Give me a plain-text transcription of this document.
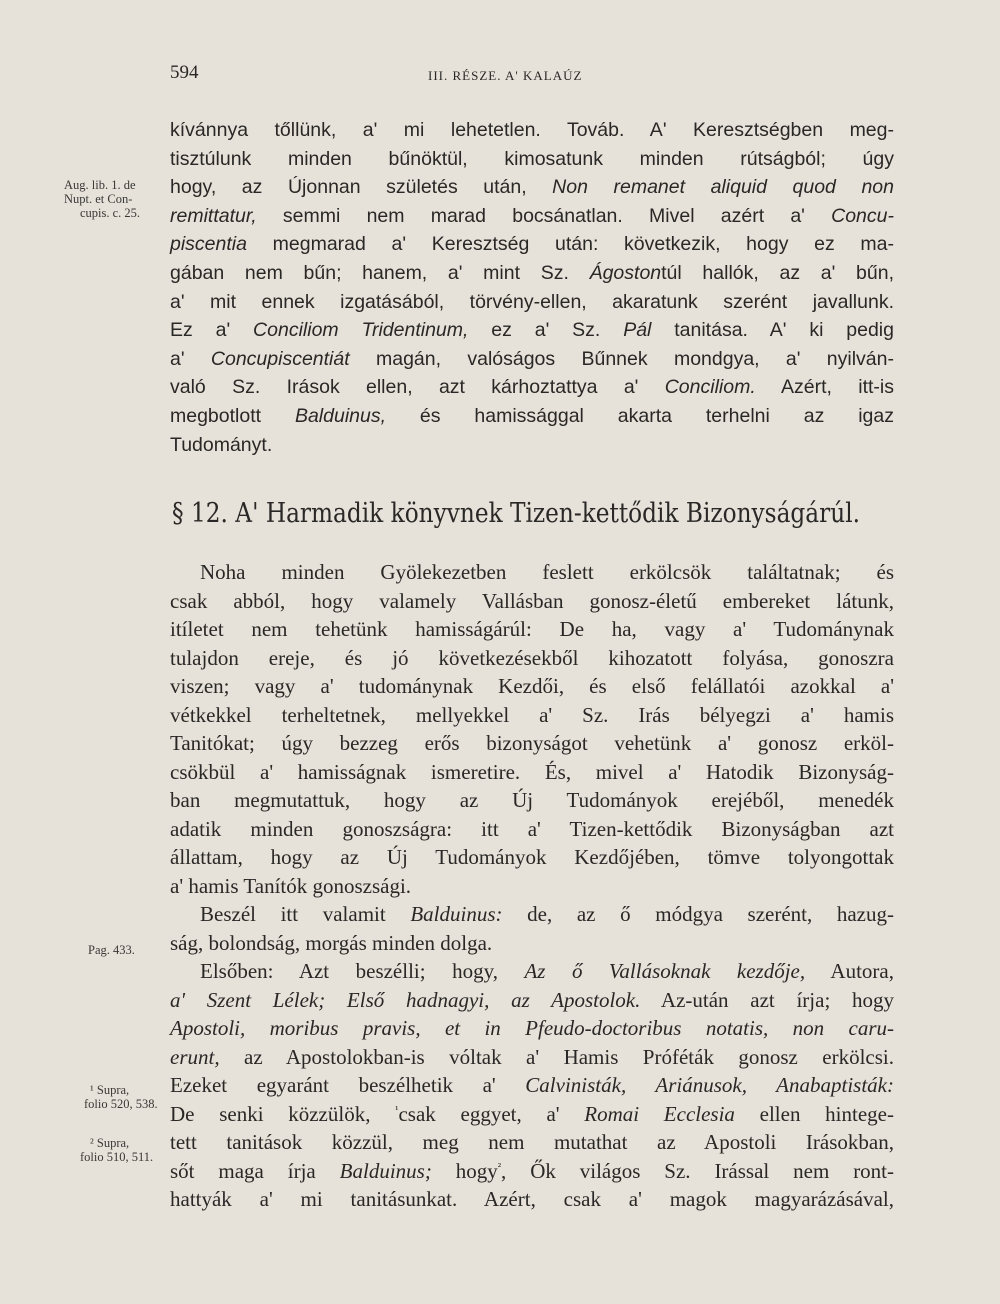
594	III. RÉSZE. A' KALAÚZ
Aug. lib. 1. de
Nupt. et Con-
cupis. c. 25.
Pag. 433.
¹ Supra,
folio 520, 538.
² Supra,
folio 510, 511.
kívánnya tőllünk, a' mi lehetetlen. Továb. A' Keresztségben meg-
tisztúlunk minden bűnöktül, kimosatunk minden rútságból; úgy
hogy, az Újonnan születés után, Non remanet aliquid quod non
remittatur, semmi nem marad bocsánatlan. Mivel azért a' Concu-
piscentia megmarad a' Keresztség után: következik, hogy ez ma-
gában nem bűn; hanem, a' mint Sz. Ágostontúl hallók, az a' bűn,
a' mit ennek izgatásából, törvény-ellen, akaratunk szerént javallunk.
Ez a' Conciliom Tridentinum, ez a' Sz. Pál tanitása. A' ki pedig
a' Concupiscentiát magán, valóságos Bűnnek mondgya, a' nyilván-
való Sz. Irások ellen, azt kárhoztattya a' Conciliom. Azért, itt-is
megbotlott Balduinus, és hamissággal akarta terhelni az igaz
Tudományt.
§ 12. A' Harmadik könyvnek Tizen-kettődik Bizonyságárúl.
Noha minden Gyölekezetben feslett erkölcsök találtatnak; és
csak abból, hogy valamely Vallásban gonosz-életű embereket látunk,
itíletet nem tehetünk hamisságárúl: De ha, vagy a' Tudománynak
tulajdon ereje, és jó következésekből kihozatott folyása, gonoszra
viszen; vagy a' tudománynak Kezdői, és első felállatói azokkal a'
vétkekkel terheltetnek, mellyekkel a' Sz. Irás bélyegzi a' hamis
Tanitókat; úgy bezzeg erős bizonyságot vehetünk a' gonosz erköl-
csökbül a' hamisságnak ismeretire. És, mivel a' Hatodik Bizonyság-
ban megmutattuk, hogy az Új Tudományok erejéből, menedék
adatik minden gonoszságra: itt a' Tizen-kettődik Bizonyságban azt
állattam, hogy az Új Tudományok Kezdőjében, tömve tolyongottak
a' hamis Tanítók gonoszsági.
Beszél itt valamit Balduinus: de, az ő módgya szerént, hazug-
ság, bolondság, morgás minden dolga.
Elsőben: Azt beszélli; hogy, Az ő Vallásoknak kezdője, Autora,
a' Szent Lélek; Első hadnagyi, az Apostolok. Az-után azt írja; hogy
Apostoli, moribus pravis, et in Pfeudo-doctoribus notatis, non caru-
erunt, az Apostolokban-is vóltak a' Hamis Próféták gonosz erkölcsi.
Ezeket egyaránt beszélhetik a' Calvinisták, Ariánusok, Anabaptisták:
De senki közzülök, $^{^1}$csak eggyet, a' Romai Ecclesia ellen hintege-
tett tanitások közzül, meg nem mutathat az Apostoli Irásokban,
sőt maga írja Balduinus; hogy$^{^2}$, Ők világos Sz. Irással nem ront-
hattyák a' mi tanitásunkat. Azért, csak a' magok magyarázásával,
